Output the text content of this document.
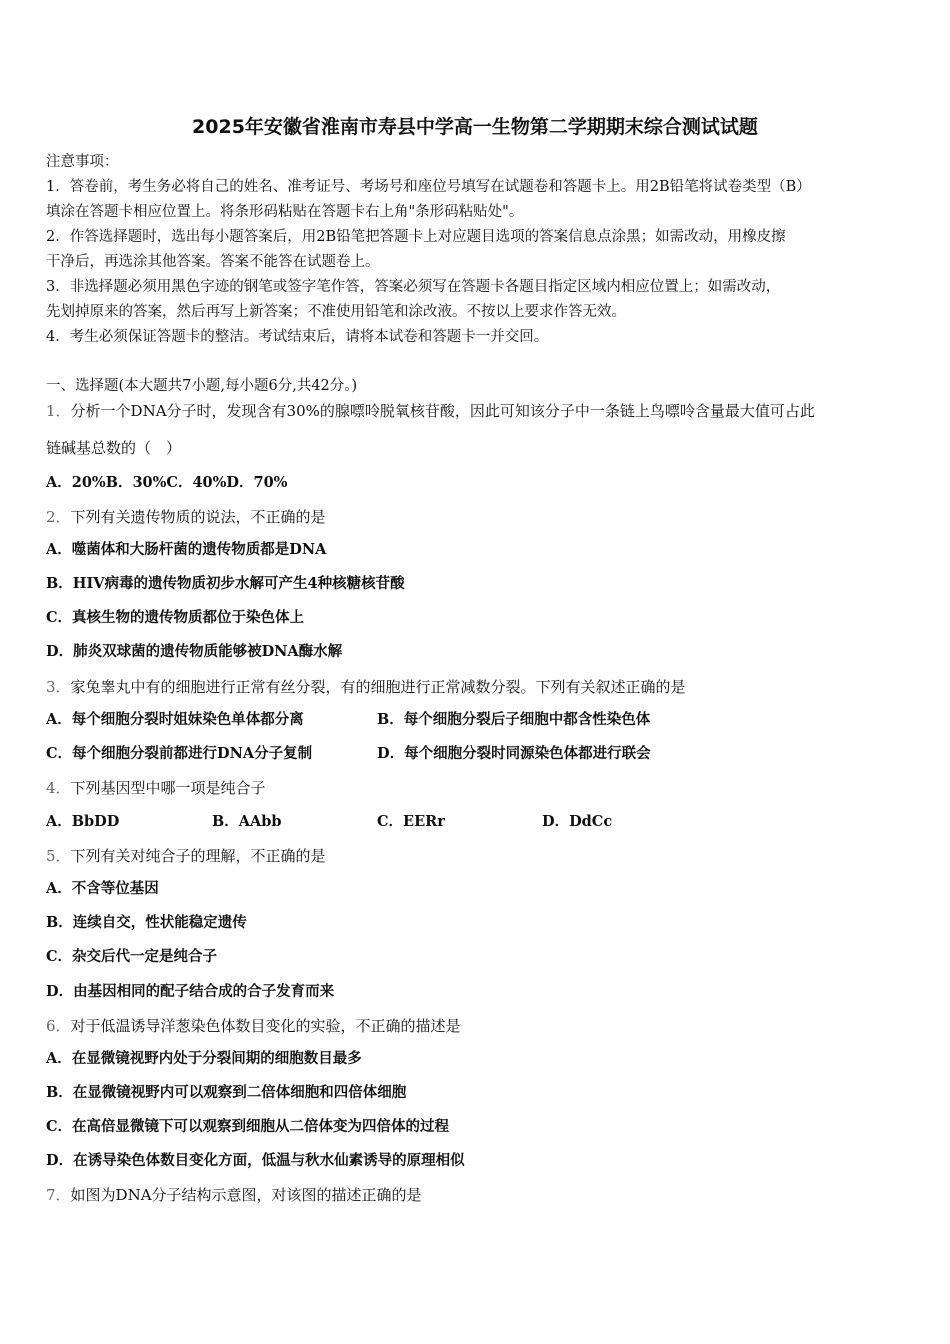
2025年安徽省淮南市寿县中学高一生物第二学期期末综合测试试题
注意事项：
1．答卷前，考生务必将自己的姓名、准考证号、考场号和座位号填写在试题卷和答题卡上。用2B铅笔将试卷类型（B）
填涂在答题卡相应位置上。将条形码粘贴在答题卡右上角"条形码粘贴处"。
2．作答选择题时，选出每小题答案后，用2B铅笔把答题卡上对应题目选项的答案信息点涂黑；如需改动，用橡皮擦
干净后，再选涂其他答案。答案不能答在试题卷上。
3．非选择题必须用黑色字迹的钢笔或签字笔作答，答案必须写在答题卡各题目指定区域内相应位置上；如需改动，
先划掉原来的答案，然后再写上新答案；不准使用铅笔和涂改液。不按以上要求作答无效。
4．考生必须保证答题卡的整洁。考试结束后，请将本试卷和答题卡一并交回。
一、选择题(本大题共7小题,每小题6分,共42分。)
1．分析一个DNA分子时，发现含有30%的腺嘌呤脱氧核苷酸，因此可知该分子中一条链上鸟嘌呤含量最大值可占此
链碱基总数的（　）
A．20%B．30%C．40%D．70%
2．下列有关遗传物质的说法，不正确的是
A．噬菌体和大肠杆菌的遗传物质都是DNA
B．HIV病毒的遗传物质初步水解可产生4种核糖核苷酸
C．真核生物的遗传物质都位于染色体上
D．肺炎双球菌的遗传物质能够被DNA酶水解
3．家兔睾丸中有的细胞进行正常有丝分裂，有的细胞进行正常减数分裂。下列有关叙述正确的是
A．每个细胞分裂时姐妹染色单体都分离	B．每个细胞分裂后子细胞中都含性染色体
C．每个细胞分裂前都进行DNA分子复制	D．每个细胞分裂时同源染色体都进行联会
4．下列基因型中哪一项是纯合子
A．BbDD	B．AAbb	C．EERr	D．DdCc
5．下列有关对纯合子的理解，不正确的是
A．不含等位基因
B．连续自交，性状能稳定遗传
C．杂交后代一定是纯合子
D．由基因相同的配子结合成的合子发育而来
6．对于低温诱导洋葱染色体数目变化的实验，不正确的描述是
A．在显微镜视野内处于分裂间期的细胞数目最多
B．在显微镜视野内可以观察到二倍体细胞和四倍体细胞
C．在高倍显微镜下可以观察到细胞从二倍体变为四倍体的过程
D．在诱导染色体数目变化方面，低温与秋水仙素诱导的原理相似
7．如图为DNA分子结构示意图，对该图的描述正确的是
